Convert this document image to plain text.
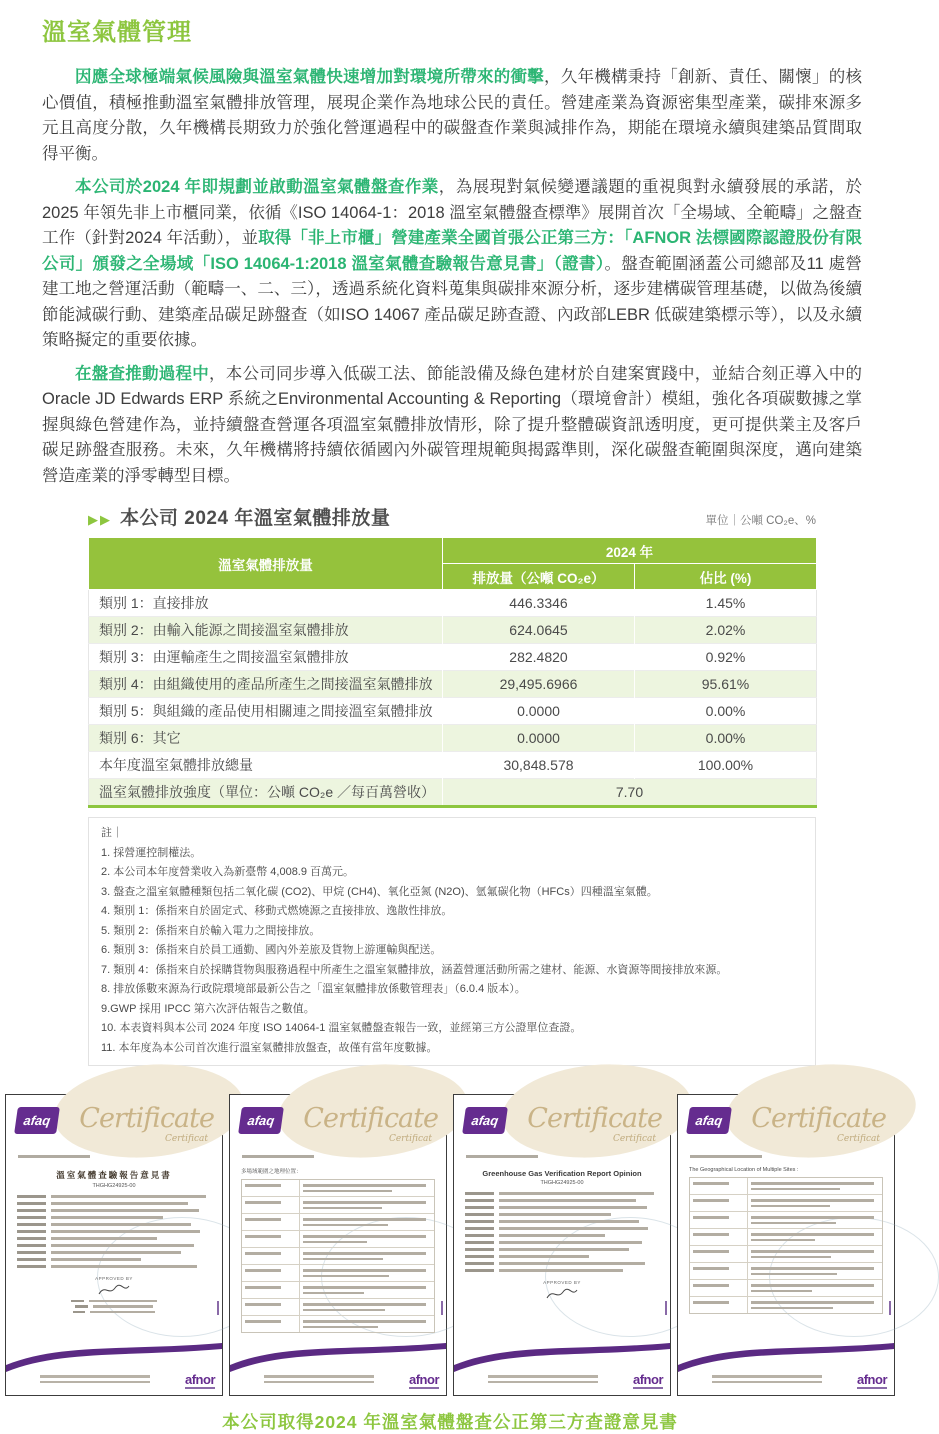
溫室氣體管理

因應全球極端氣候風險與溫室氣體快速增加對環境所帶來的衝擊，久年機構秉持「創新、責任、關懷」的核心價值，積極推動溫室氣體排放管理，展現企業作為地球公民的責任。營建產業為資源密集型產業，碳排來源多元且高度分散，久年機構長期致力於強化營運過程中的碳盤查作業與減排作為，期能在環境永續與建築品質間取得平衡。

本公司於2024 年即規劃並啟動溫室氣體盤查作業，為展現對氣候變遷議題的重視與對永續發展的承諾，於2025 年領先非上市櫃同業，依循《ISO 14064-1：2018 溫室氣體盤查標準》展開首次「全場域、全範疇」之盤查工作（針對2024 年活動），並取得「非上市櫃」營建產業全國首張公正第三方：「AFNOR 法標國際認證股份有限公司」頒發之全場域「ISO 14064-1:2018 溫室氣體查驗報告意見書」（證書）。盤查範圍涵蓋公司總部及11 處營建工地之營運活動（範疇一、二、三），透過系統化資料蒐集與碳排來源分析，逐步建構碳管理基礎，以做為後續節能減碳行動、建築產品碳足跡盤查（如ISO 14067 產品碳足跡查證、內政部LEBR 低碳建築標示等），以及永續策略擬定的重要依據。

在盤查推動過程中，本公司同步導入低碳工法、節能設備及綠色建材於自建案實踐中，並結合刻正導入中的Oracle JD Edwards ERP 系統之Environmental Accounting & Reporting（環境會計）模組，強化各項碳數據之掌握與綠色營建作為，並持續盤查營運各項溫室氣體排放情形，除了提升整體碳資訊透明度，更可提供業主及客戶碳足跡盤查服務。未來，久年機構將持續依循國內外碳管理規範與揭露準則，深化碳盤查範圍與深度，邁向建築營造產業的淨零轉型目標。

▶▶ 本公司 2024 年溫室氣體排放量	單位｜公噸 CO₂e、%
溫室氣體排放量	2024 年	
	排放量（公噸 CO₂e）	佔比 (%)
類別 1：直接排放	446.3346	1.45%
類別 2：由輸入能源之間接溫室氣體排放	624.0645	2.02%
類別 3：由運輸產生之間接溫室氣體排放	282.4820	0.92%
類別 4：由組織使用的產品所產生之間接溫室氣體排放	29,495.6966	95.61%
類別 5：與組織的產品使用相關連之間接溫室氣體排放	0.0000	0.00%
類別 6：其它	0.0000	0.00%
本年度溫室氣體排放總量	30,848.578	100.00%
溫室氣體排放強度（單位：公噸 CO₂e ／每百萬營收）	7.70	
註｜
1. 採營運控制權法。
2. 本公司本年度營業收入為新臺幣 4,008.9 百萬元。
3. 盤查之溫室氣體種類包括二氧化碳 (CO2)、甲烷 (CH4)、氧化亞氮 (N2O)、氫氟碳化物（HFCs）四種溫室氣體。
4. 類別 1：係指來自於固定式、移動式燃燒源之直接排放、逸散性排放。
5. 類別 2：係指來自於輸入電力之間接排放。
6. 類別 3：係指來自於員工通勤、國內外差旅及貨物上游運輸與配送。
7. 類別 4：係指來自於採購貨物與服務過程中所產生之溫室氣體排放，涵蓋營運活動所需之建材、能源、水資源等間接排放來源。
8. 排放係數來源為行政院環境部最新公告之「溫室氣體排放係數管理表」（6.0.4 版本）。
9.GWP 採用 IPCC 第六次評估報告之數值。
10. 本表資料與本公司 2024 年度 ISO 14064-1 溫室氣體盤查報告一致，並經第三方公證單位查證。
11. 本年度為本公司首次進行溫室氣體排放盤查，故僅有當年度數據。
afaq Certificate
Certificat
溫室氣體查驗報告意見書
THGHG24925-00
APPROVED BY
afnor
afaq Certificate
Certificat
多場域範圍之地理位置：
afnor
afaq Certificate
Certificat
Greenhouse Gas Verification Report Opinion
THGHG24925-00
APPROVED BY
afnor
afaq Certificate
Certificat
The Geographical Location of Multiple Sites :
afnor
本公司取得2024 年溫室氣體盤查公正第三方查證意見書
